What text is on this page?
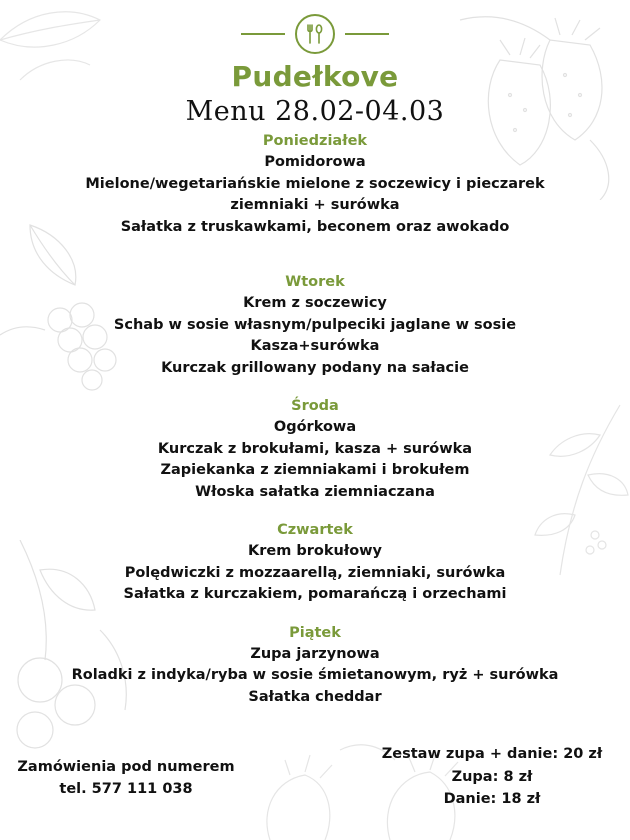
Pudełkove
Menu 28.02-04.03
Poniedziałek
Pomidorowa
Mielone/wegetariańskie mielone z soczewicy i pieczarek
ziemniaki + surówka
Sałatka z truskawkami, beconem oraz awokado
Wtorek
Krem z soczewicy
Schab w sosie własnym/pulpeciki jaglane w sosie
Kasza+surówka
Kurczak grillowany podany na sałacie
Środa
Ogórkowa
Kurczak z brokułami, kasza + surówka
Zapiekanka z ziemniakami i brokułem
Włoska sałatka ziemniaczana
Czwartek
Krem brokułowy
Polędwiczki z mozzaarellą, ziemniaki, surówka
Sałatka z kurczakiem, pomarańczą i orzechami
Piątek
Zupa jarzynowa
Roladki z indyka/ryba w sosie śmietanowym, ryż + surówka
Sałatka cheddar
Zamówienia pod numerem
tel. 577 111 038
Zestaw zupa + danie: 20 zł
Zupa: 8 zł
Danie: 18 zł
